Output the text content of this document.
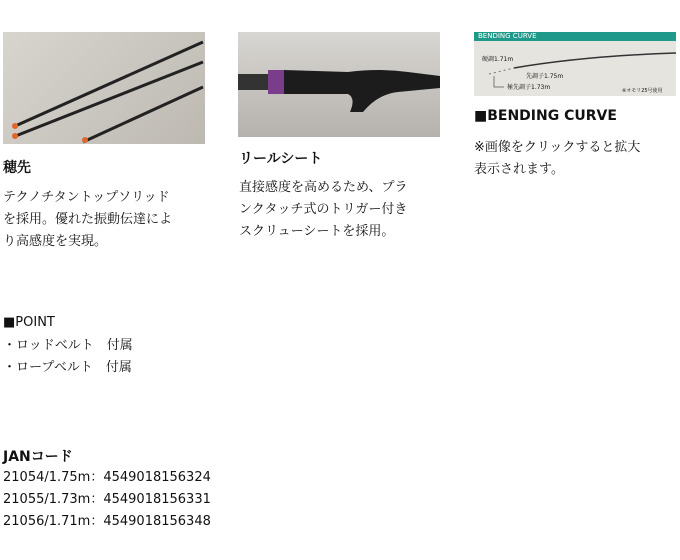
BENDING CURVE
硬調1.71m
先調子1.75m
極先調子1.73m	※オモリ25号使用
穂先
テクノチタントップソリッド
を採用。優れた振動伝達によ
り高感度を実現。
リールシート
直接感度を高めるため、プラ
ンクタッチ式のトリガー付き
スクリューシートを採用。
■BENDING CURVE
※画像をクリックすると拡大
表示されます。
■POINT
・ロッドベルト　付属
・ロープベルト　付属
JANコード
21054/1.75m：4549018156324
21055/1.73m：4549018156331
21056/1.71m：4549018156348
